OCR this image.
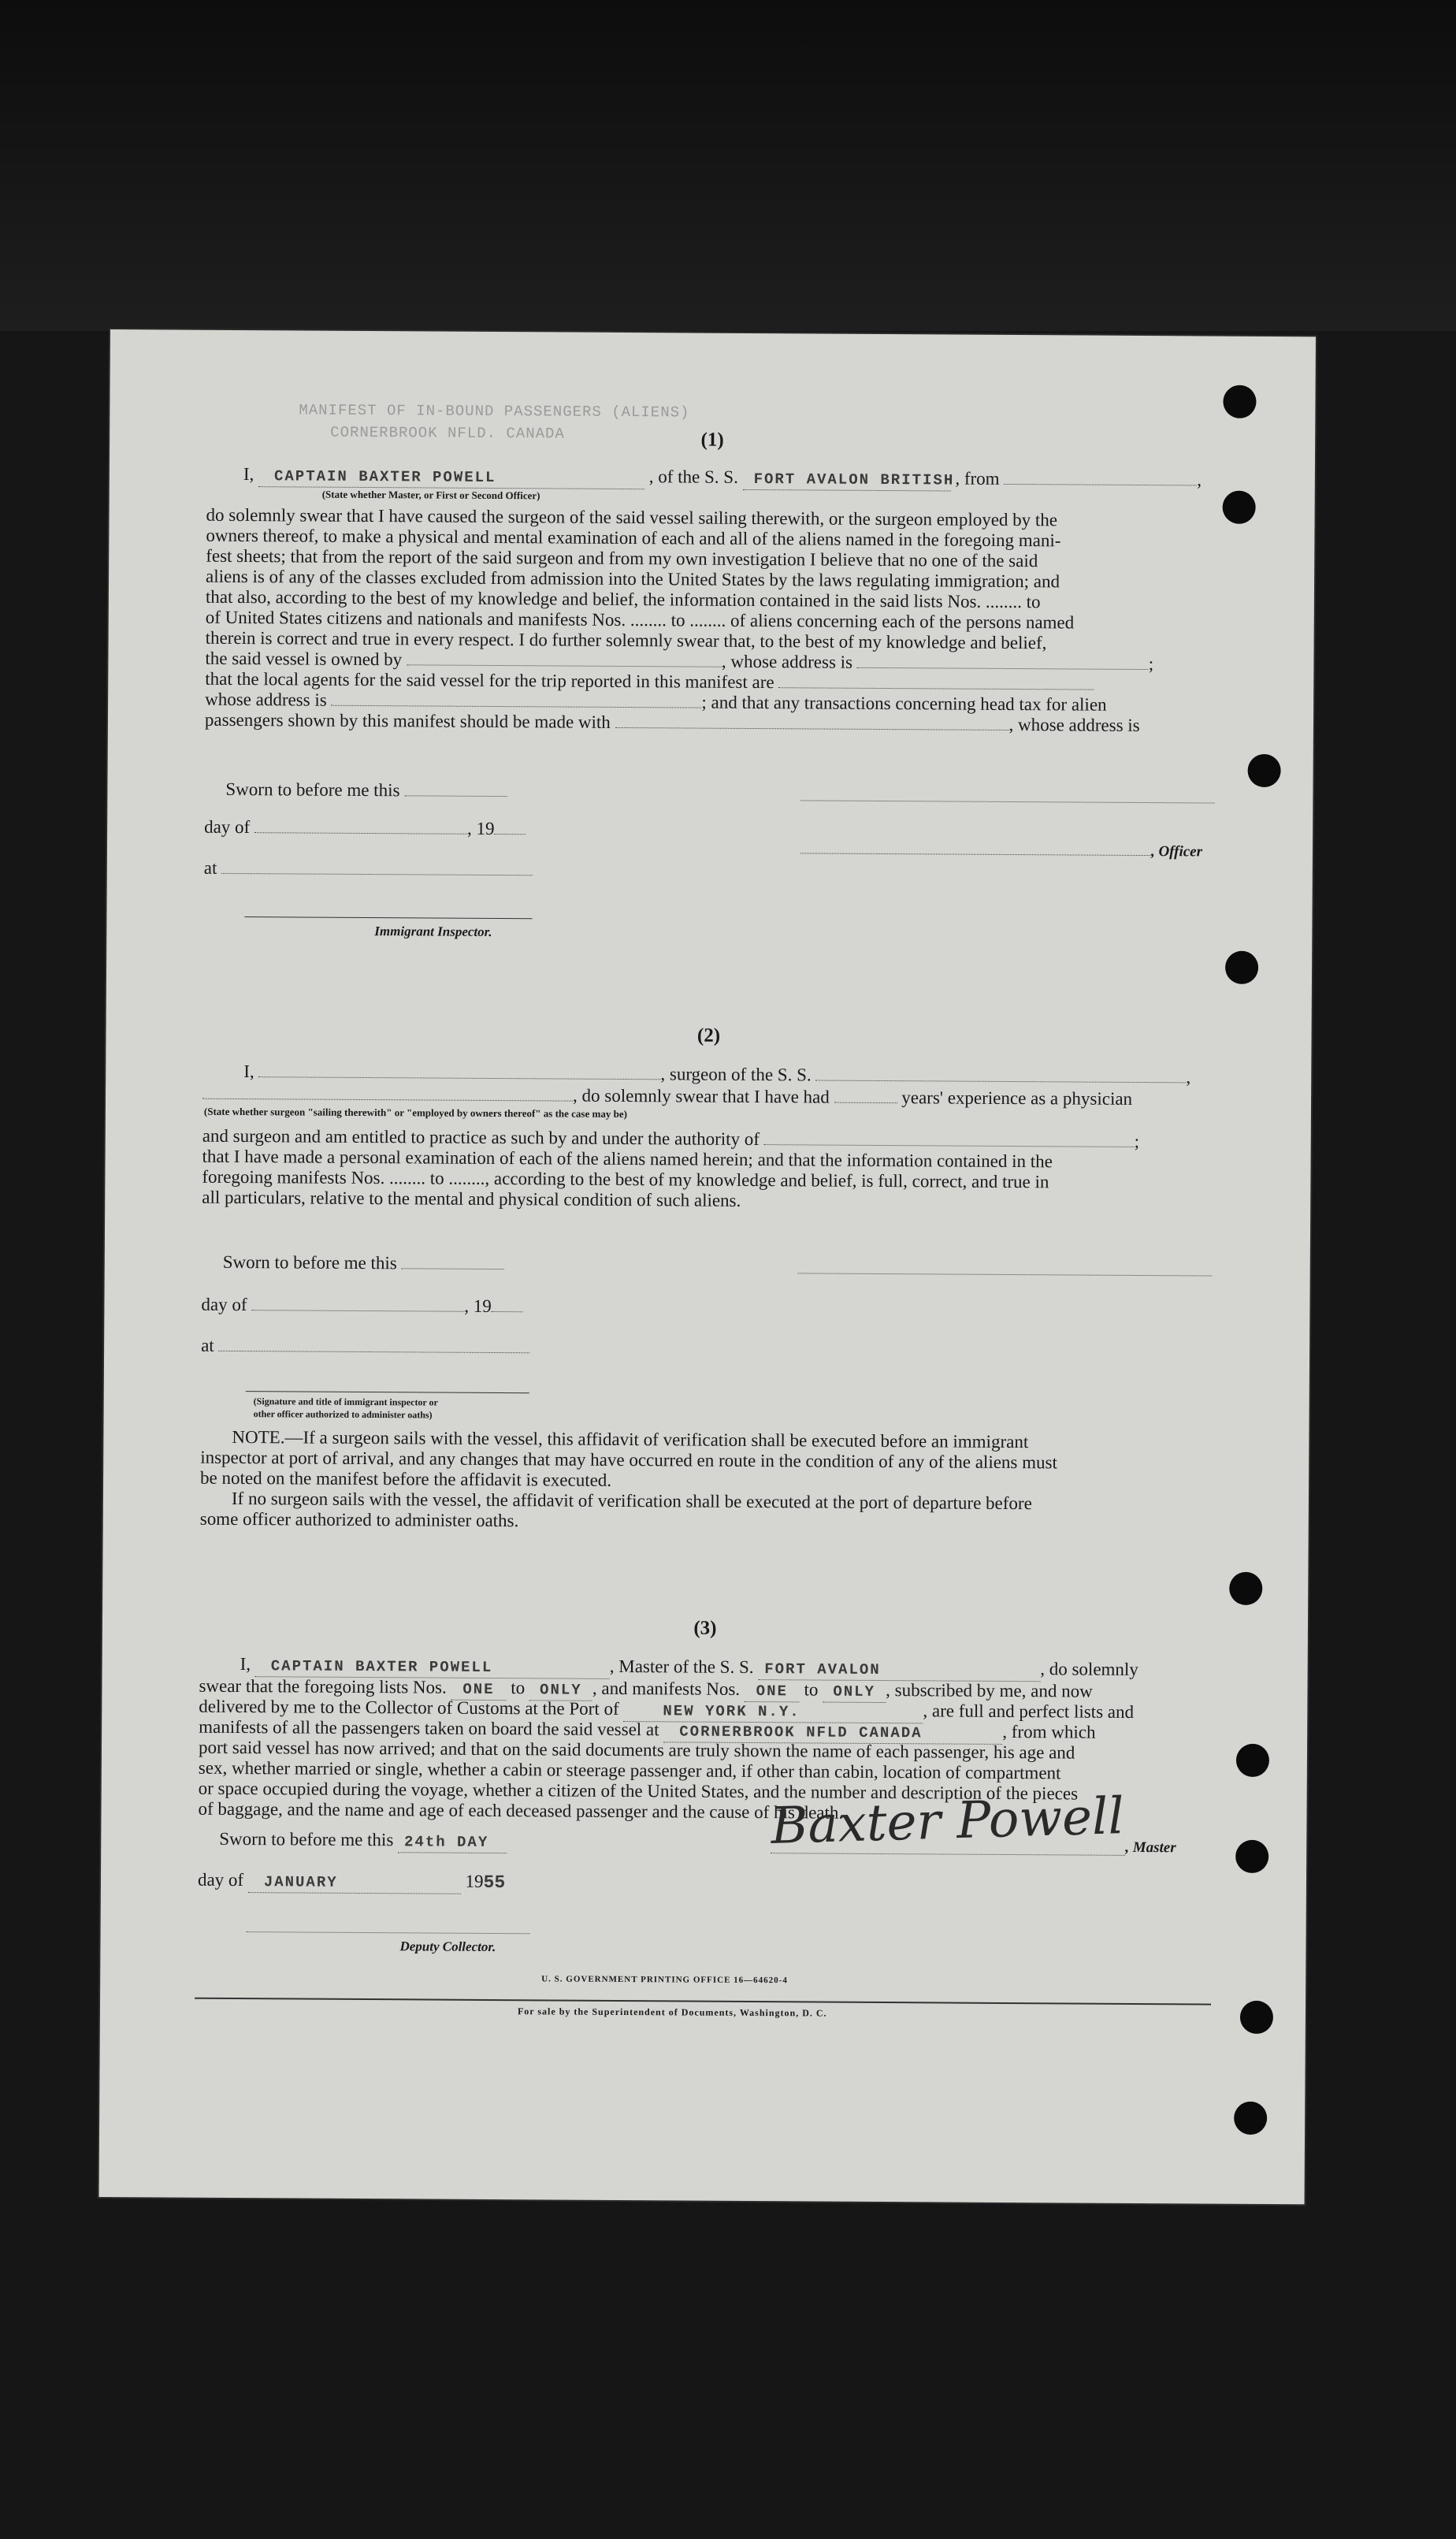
MANIFEST OF IN-BOUND PASSENGERS (ALIENS)
CORNERBROOK NFLD. CANADA	(1)
I, CAPTAIN BAXTER POWELL	, of the S. S. FORT AVALON BRITISH , from	,
(State whether Master, or First or Second Officer)
do solemnly swear that I have caused the surgeon of the said vessel sailing therewith, or the surgeon employed by the
owners thereof, to make a physical and mental examination of each and all of the aliens named in the foregoing mani-
fest sheets; that from the report of the said surgeon and from my own investigation I believe that no one of the said
aliens is of any of the classes excluded from admission into the United States by the laws regulating immigration; and
that also, according to the best of my knowledge and belief, the information contained in the said lists Nos. ........ to
of United States citizens and nationals and manifests Nos. ........ to ........ of aliens concerning each of the persons named
therein is correct and true in every respect. I do further solemnly swear that, to the best of my knowledge and belief,
the said vessel is owned by	, whose address is	;
that the local agents for the said vessel for the trip reported in this manifest are
whose address is	; and that any transactions concerning head tax for alien
passengers shown by this manifest should be made with	, whose address is
Sworn to before me this
day of	, 19
, Officer
at
Immigrant Inspector.
(2)
I,	, surgeon of the S. S.	,
, do solemnly swear that I have had	years' experience as a physician
(State whether surgeon "sailing therewith" or "employed by owners thereof" as the case may be)
and surgeon and am entitled to practice as such by and under the authority of	;
that I have made a personal examination of each of the aliens named herein; and that the information contained in the
foregoing manifests Nos. ........ to ........, according to the best of my knowledge and belief, is full, correct, and true in
all particulars, relative to the mental and physical condition of such aliens.
Sworn to before me this
day of	, 19
at
(Signature and title of immigrant inspector or
other officer authorized to administer oaths)
NOTE.—If a surgeon sails with the vessel, this affidavit of verification shall be executed before an immigrant
inspector at port of arrival, and any changes that may have occurred en route in the condition of any of the aliens must
be noted on the manifest before the affidavit is executed.
If no surgeon sails with the vessel, the affidavit of verification shall be executed at the port of departure before
some officer authorized to administer oaths.
(3)
I, CAPTAIN BAXTER POWELL	, Master of the S. S. FORT AVALON	, do solemnly
swear that the foregoing lists Nos. ONE to ONLY , and manifests Nos. ONE to ONLY , subscribed by me, and now
delivered by me to the Collector of Customs at the Port of	NEW YORK N.Y.	, are full and perfect lists and
manifests of all the passengers taken on board the said vessel at CORNERBROOK NFLD CANADA	, from which
port said vessel has now arrived; and that on the said documents are truly shown the name of each passenger, his age and
sex, whether married or single, whether a cabin or steerage passenger and, if other than cabin, location of compartment
or space occupied during the voyage, whether a citizen of the United States, and the number and description of the pieces
of baggage, and the name and age of each deceased passenger and the cause of his death.
Baxter Powell , Master
Sworn to before me this 24th DAY
day of JANUARY	1955
Deputy Collector.
U. S. GOVERNMENT PRINTING OFFICE 16—64620-4
For sale by the Superintendent of Documents, Washington, D. C.
